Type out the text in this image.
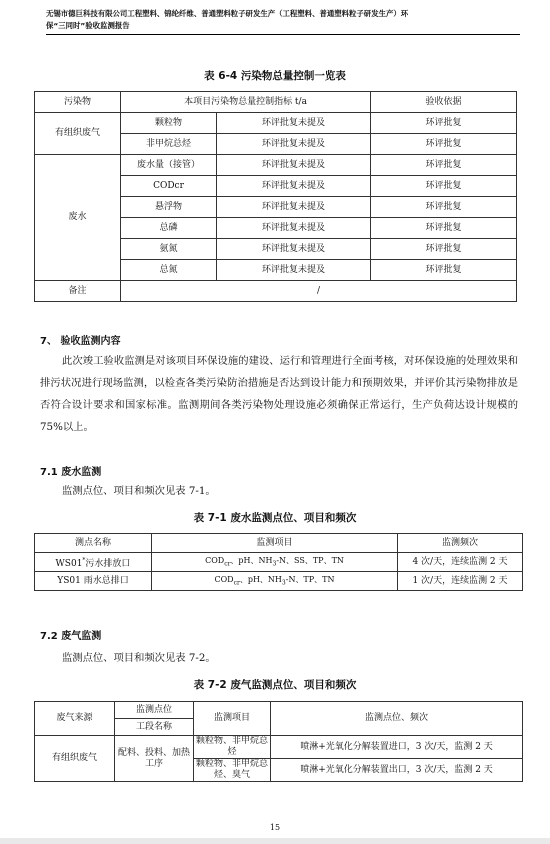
无锡市德巨科技有限公司工程塑料、锦纶纤维、普通塑料粒子研发生产（工程塑料、普通塑料粒子研发生产）环
保“三同时”验收监测报告
表 6-4 污染物总量控制一览表
污染物	本项目污染物总量控制指标 t/a		验收依据
有组织废气	颗粒物	环评批复未提及	环评批复
	非甲烷总烃	环评批复未提及	环评批复
废水	废水量（接管）	环评批复未提及	环评批复
	CODcr	环评批复未提及	环评批复
	悬浮物	环评批复未提及	环评批复
	总磷	环评批复未提及	环评批复
	氨氮	环评批复未提及	环评批复
	总氮	环评批复未提及	环评批复
备注	/		
7、 验收监测内容
此次竣工验收监测是对该项目环保设施的建设、运行和管理进行全面考核，对环保设施的处理效果和排污状况进行现场监测，以检查各类污染防治措施是否达到设计能力和预期效果，并评价其污染物排放是否符合设计要求和国家标准。监测期间各类污染物处理设施必须确保正常运行，生产负荷达设计规模的 75%以上。
7.1 废水监测
监测点位、项目和频次见表 7-1。
表 7-1 废水监测点位、项目和频次
测点名称	监测项目	监测频次
WS01*污水排放口	$COD_{cr}$、pH、$NH_3-N$、SS、TP、TN	4 次/天，连续监测 2 天
YS01 雨水总排口	$COD_{cr}$、pH、$NH_3-N$、TP、TN	1 次/天，连续监测 2 天
7.2 废气监测
监测点位、项目和频次见表 7-2。
表 7-2 废气监测点位、项目和频次
废气来源	监测点位	监测项目	监测点位、频次
	工段名称		
有组织废气	配料、投料、加热工序	颗粒物、非甲烷总烃	喷淋+光氧化分解装置进口，3 次/天，监测 2 天
		颗粒物、非甲烷总烃、臭气	喷淋+光氧化分解装置出口，3 次/天，监测 2 天
15
